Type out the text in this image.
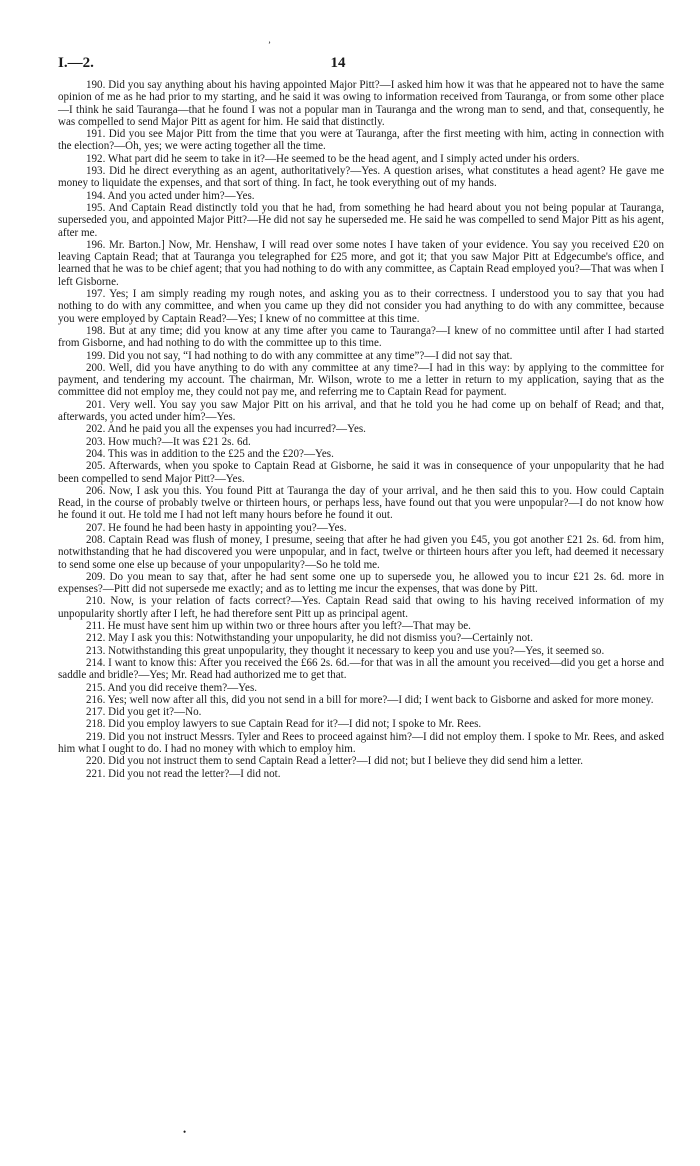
I.—2.	14

190. Did you say anything about his having appointed Major Pitt?—I asked him how it was that he appeared not to have the same opinion of me as he had prior to my starting, and he said it was owing to information received from Tauranga, or from some other place—I think he said Tauranga—that he found I was not a popular man in Tauranga and the wrong man to send, and that, consequently, he was compelled to send Major Pitt as agent for him. He said that distinctly.

191. Did you see Major Pitt from the time that you were at Tauranga, after the first meeting with him, acting in connection with the election?—Oh, yes; we were acting together all the time.

192. What part did he seem to take in it?—He seemed to be the head agent, and I simply acted under his orders.

193. Did he direct everything as an agent, authoritatively?—Yes. A question arises, what constitutes a head agent? He gave me money to liquidate the expenses, and that sort of thing. In fact, he took everything out of my hands.

194. And you acted under him?—Yes.

195. And Captain Read distinctly told you that he had, from something he had heard about you not being popular at Tauranga, superseded you, and appointed Major Pitt?—He did not say he superseded me. He said he was compelled to send Major Pitt as his agent, after me.

196. Mr. Barton.] Now, Mr. Henshaw, I will read over some notes I have taken of your evidence. You say you received £20 on leaving Captain Read; that at Tauranga you telegraphed for £25 more, and got it; that you saw Major Pitt at Edgecumbe's office, and learned that he was to be chief agent; that you had nothing to do with any committee, as Captain Read employed you?—That was when I left Gisborne.

197. Yes; I am simply reading my rough notes, and asking you as to their correctness. I understood you to say that you had nothing to do with any committee, and when you came up they did not consider you had anything to do with any committee, because you were employed by Captain Read?—Yes; I knew of no committee at this time.

198. But at any time; did you know at any time after you came to Tauranga?—I knew of no committee until after I had started from Gisborne, and had nothing to do with the committee up to this time.

199. Did you not say, “I had nothing to do with any committee at any time”?—I did not say that.

200. Well, did you have anything to do with any committee at any time?—I had in this way: by applying to the committee for payment, and tendering my account. The chairman, Mr. Wilson, wrote to me a letter in return to my application, saying that as the committee did not employ me, they could not pay me, and referring me to Captain Read for payment.

201. Very well. You say you saw Major Pitt on his arrival, and that he told you he had come up on behalf of Read; and that, afterwards, you acted under him?—Yes.

202. And he paid you all the expenses you had incurred?—Yes.

203. How much?—It was £21 2s. 6d.

204. This was in addition to the £25 and the £20?—Yes.

205. Afterwards, when you spoke to Captain Read at Gisborne, he said it was in consequence of your unpopularity that he had been compelled to send Major Pitt?—Yes.

206. Now, I ask you this. You found Pitt at Tauranga the day of your arrival, and he then said this to you. How could Captain Read, in the course of probably twelve or thirteen hours, or perhaps less, have found out that you were unpopular?—I do not know how he found it out. He told me I had not left many hours before he found it out.

207. He found he had been hasty in appointing you?—Yes.

208. Captain Read was flush of money, I presume, seeing that after he had given you £45, you got another £21 2s. 6d. from him, notwithstanding that he had discovered you were unpopular, and in fact, twelve or thirteen hours after you left, had deemed it necessary to send some one else up because of your unpopularity?—So he told me.

209. Do you mean to say that, after he had sent some one up to supersede you, he allowed you to incur £21 2s. 6d. more in expenses?—Pitt did not supersede me exactly; and as to letting me incur the expenses, that was done by Pitt.

210. Now, is your relation of facts correct?—Yes. Captain Read said that owing to his having received information of my unpopularity shortly after I left, he had therefore sent Pitt up as principal agent.

211. He must have sent him up within two or three hours after you left?—That may be.

212. May I ask you this: Notwithstanding your unpopularity, he did not dismiss you?—Certainly not.

213. Notwithstanding this great unpopularity, they thought it necessary to keep you and use you?—Yes, it seemed so.

214. I want to know this: After you received the £66 2s. 6d.—for that was in all the amount you received—did you get a horse and saddle and bridle?—Yes; Mr. Read had authorized me to get that.

215. And you did receive them?—Yes.

216. Yes; well now after all this, did you not send in a bill for more?—I did; I went back to Gisborne and asked for more money.

217. Did you get it?—No.

218. Did you employ lawyers to sue Captain Read for it?—I did not; I spoke to Mr. Rees.

219. Did you not instruct Messrs. Tyler and Rees to proceed against him?—I did not employ them. I spoke to Mr. Rees, and asked him what I ought to do. I had no money with which to employ him.

220. Did you not instruct them to send Captain Read a letter?—I did not; but I believe they did send him a letter.

221. Did you not read the letter?—I did not.

’
•
